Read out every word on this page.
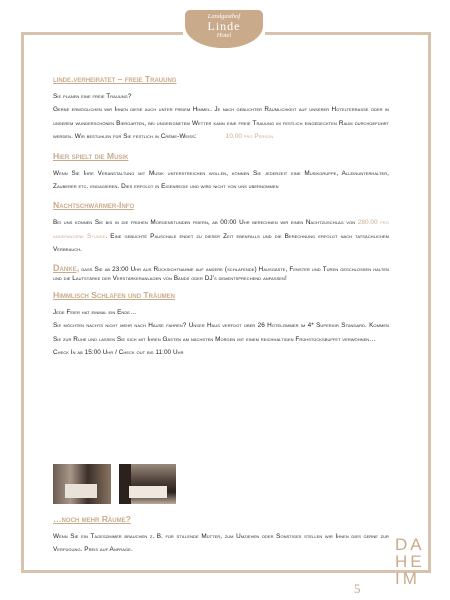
Landgasthof
Linde
Hotel
linde.verheiratet – freie Trauung

Sie planen eine freie Trauung?

Gerne ermöglichen wir Ihnen diese auch unter freiem Himmel. Je nach gebuchter Räumlichkeit auf unserer Hotelterrasse oder in unserem wunderschönen Biergarten, bei ungeeignetem Wetter kann eine freie Trauung im festlich eingedeckten Raum durchgeführt werden. Wir bestuhlen für Sie festlich in Crême-Weiß:	10,00 pro Person

Hier spielt die Musik

Wenn Sie Ihre Veranstaltung mit Musik unterstreichen wollen, können Sie jederzeit eine Musikgruppe, Alleinunterhalter, Zauberer etc. engagieren. Dies erfolgt in Eigenregie und wird nicht von uns übernommen

Nachtschwärmer-Info

Bei uns können Sie bis in die frühen Morgenstunden feiern, ab 00:00 Uhr berechnen wir einen Nachtzuschlag von 280.00 pro angefangene Stunde. Eine gebuchte Pauschale endet zu dieser Zeit ebenfalls und die Berechnung erfolgt nach tatsächlichem Verbrauch.

Danke, dass Sie ab 23:00 Uhr aus Rücksichtnahme auf andere (schlafende) Hausgäste, Fenster und Türen geschlossen halten und die Lautstärke der Verstärkeranlagen von Bands oder DJ's dementsprechend anpassen!

Himmlisch Schlafen und Träumen

Jede Feier hat einmal ein Ende…

Sie möchten nachts nicht mehr nach Hause fahren? Unser Haus verfügt über 26 Hotelzimmer im 4* Superior Standard. Kommen Sie zur Ruhe und lassen Sie sich mit Ihren Gästen am nächsten Morgen mit einem reichhaltigen Frühstücksbuffet verwöhnen…

Check In ab 15:00 Uhr / Check out bis 11:00 Uhr

…noch mehr Räume?

Wenn Sie ein Tageszimmer brauchen z. B. für stillende Mütter, zum Umziehen oder Sonstiges stellen wir Ihnen dies gerne zur Verfügung. Preis auf Anfrage.	DA
HE
IM
5
